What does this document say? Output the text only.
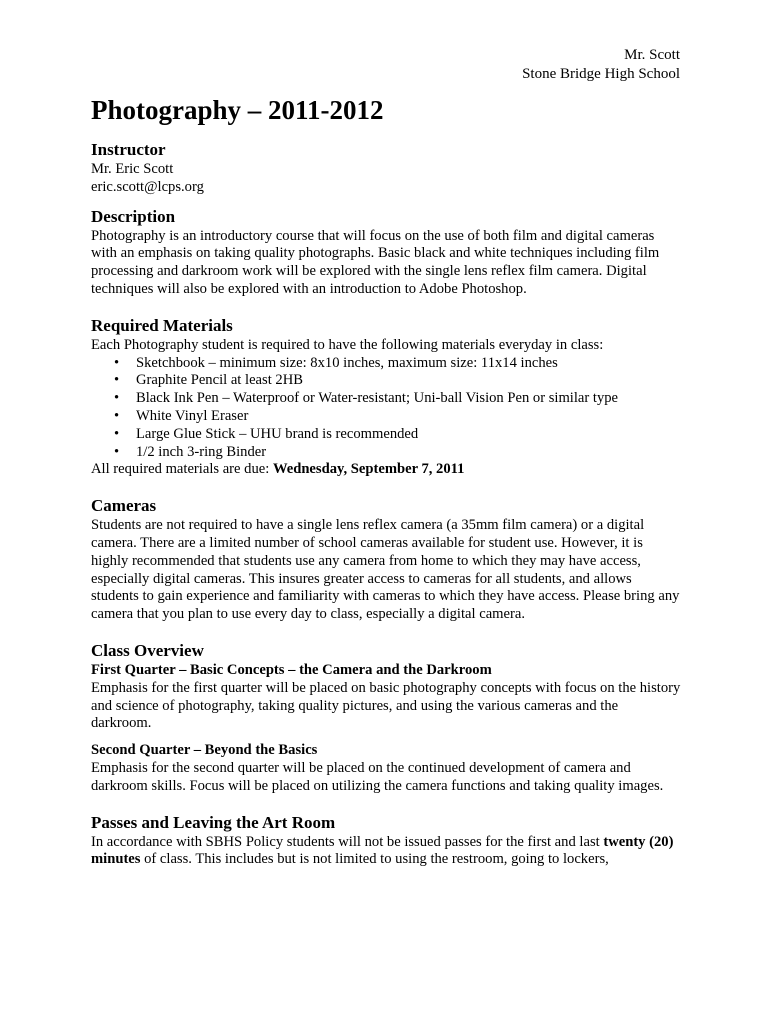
Mr. Scott
Stone Bridge High School
Photography – 2011-2012
Instructor

Mr. Eric Scott

eric.scott@lcps.org

Description

Photography is an introductory course that will focus on the use of both film and digital cameras with an emphasis on taking quality photographs. Basic black and white techniques including film processing and darkroom work will be explored with the single lens reflex film camera. Digital techniques will also be explored with an introduction to Adobe Photoshop.

Required Materials

Each Photography student is required to have the following materials everyday in class:

• Sketchbook – minimum size: 8x10 inches, maximum size: 11x14 inches
• Graphite Pencil at least 2HB
• Black Ink Pen – Waterproof or Water-resistant; Uni-ball Vision Pen or similar type
• White Vinyl Eraser
• Large Glue Stick – UHU brand is recommended
• 1/2 inch 3-ring Binder

All required materials are due: Wednesday, September 7, 2011

Cameras

Students are not required to have a single lens reflex camera (a 35mm film camera) or a digital camera. There are a limited number of school cameras available for student use. However, it is highly recommended that students use any camera from home to which they may have access, especially digital cameras. This insures greater access to cameras for all students, and allows students to gain experience and familiarity with cameras to which they have access. Please bring any camera that you plan to use every day to class, especially a digital camera.

Class Overview

First Quarter – Basic Concepts – the Camera and the Darkroom

Emphasis for the first quarter will be placed on basic photography concepts with focus on the history and science of photography, taking quality pictures, and using the various cameras and the darkroom.

Second Quarter – Beyond the Basics

Emphasis for the second quarter will be placed on the continued development of camera and darkroom skills. Focus will be placed on utilizing the camera functions and taking quality images.

Passes and Leaving the Art Room

In accordance with SBHS Policy students will not be issued passes for the first and last twenty (20) minutes of class. This includes but is not limited to using the restroom, going to lockers,
